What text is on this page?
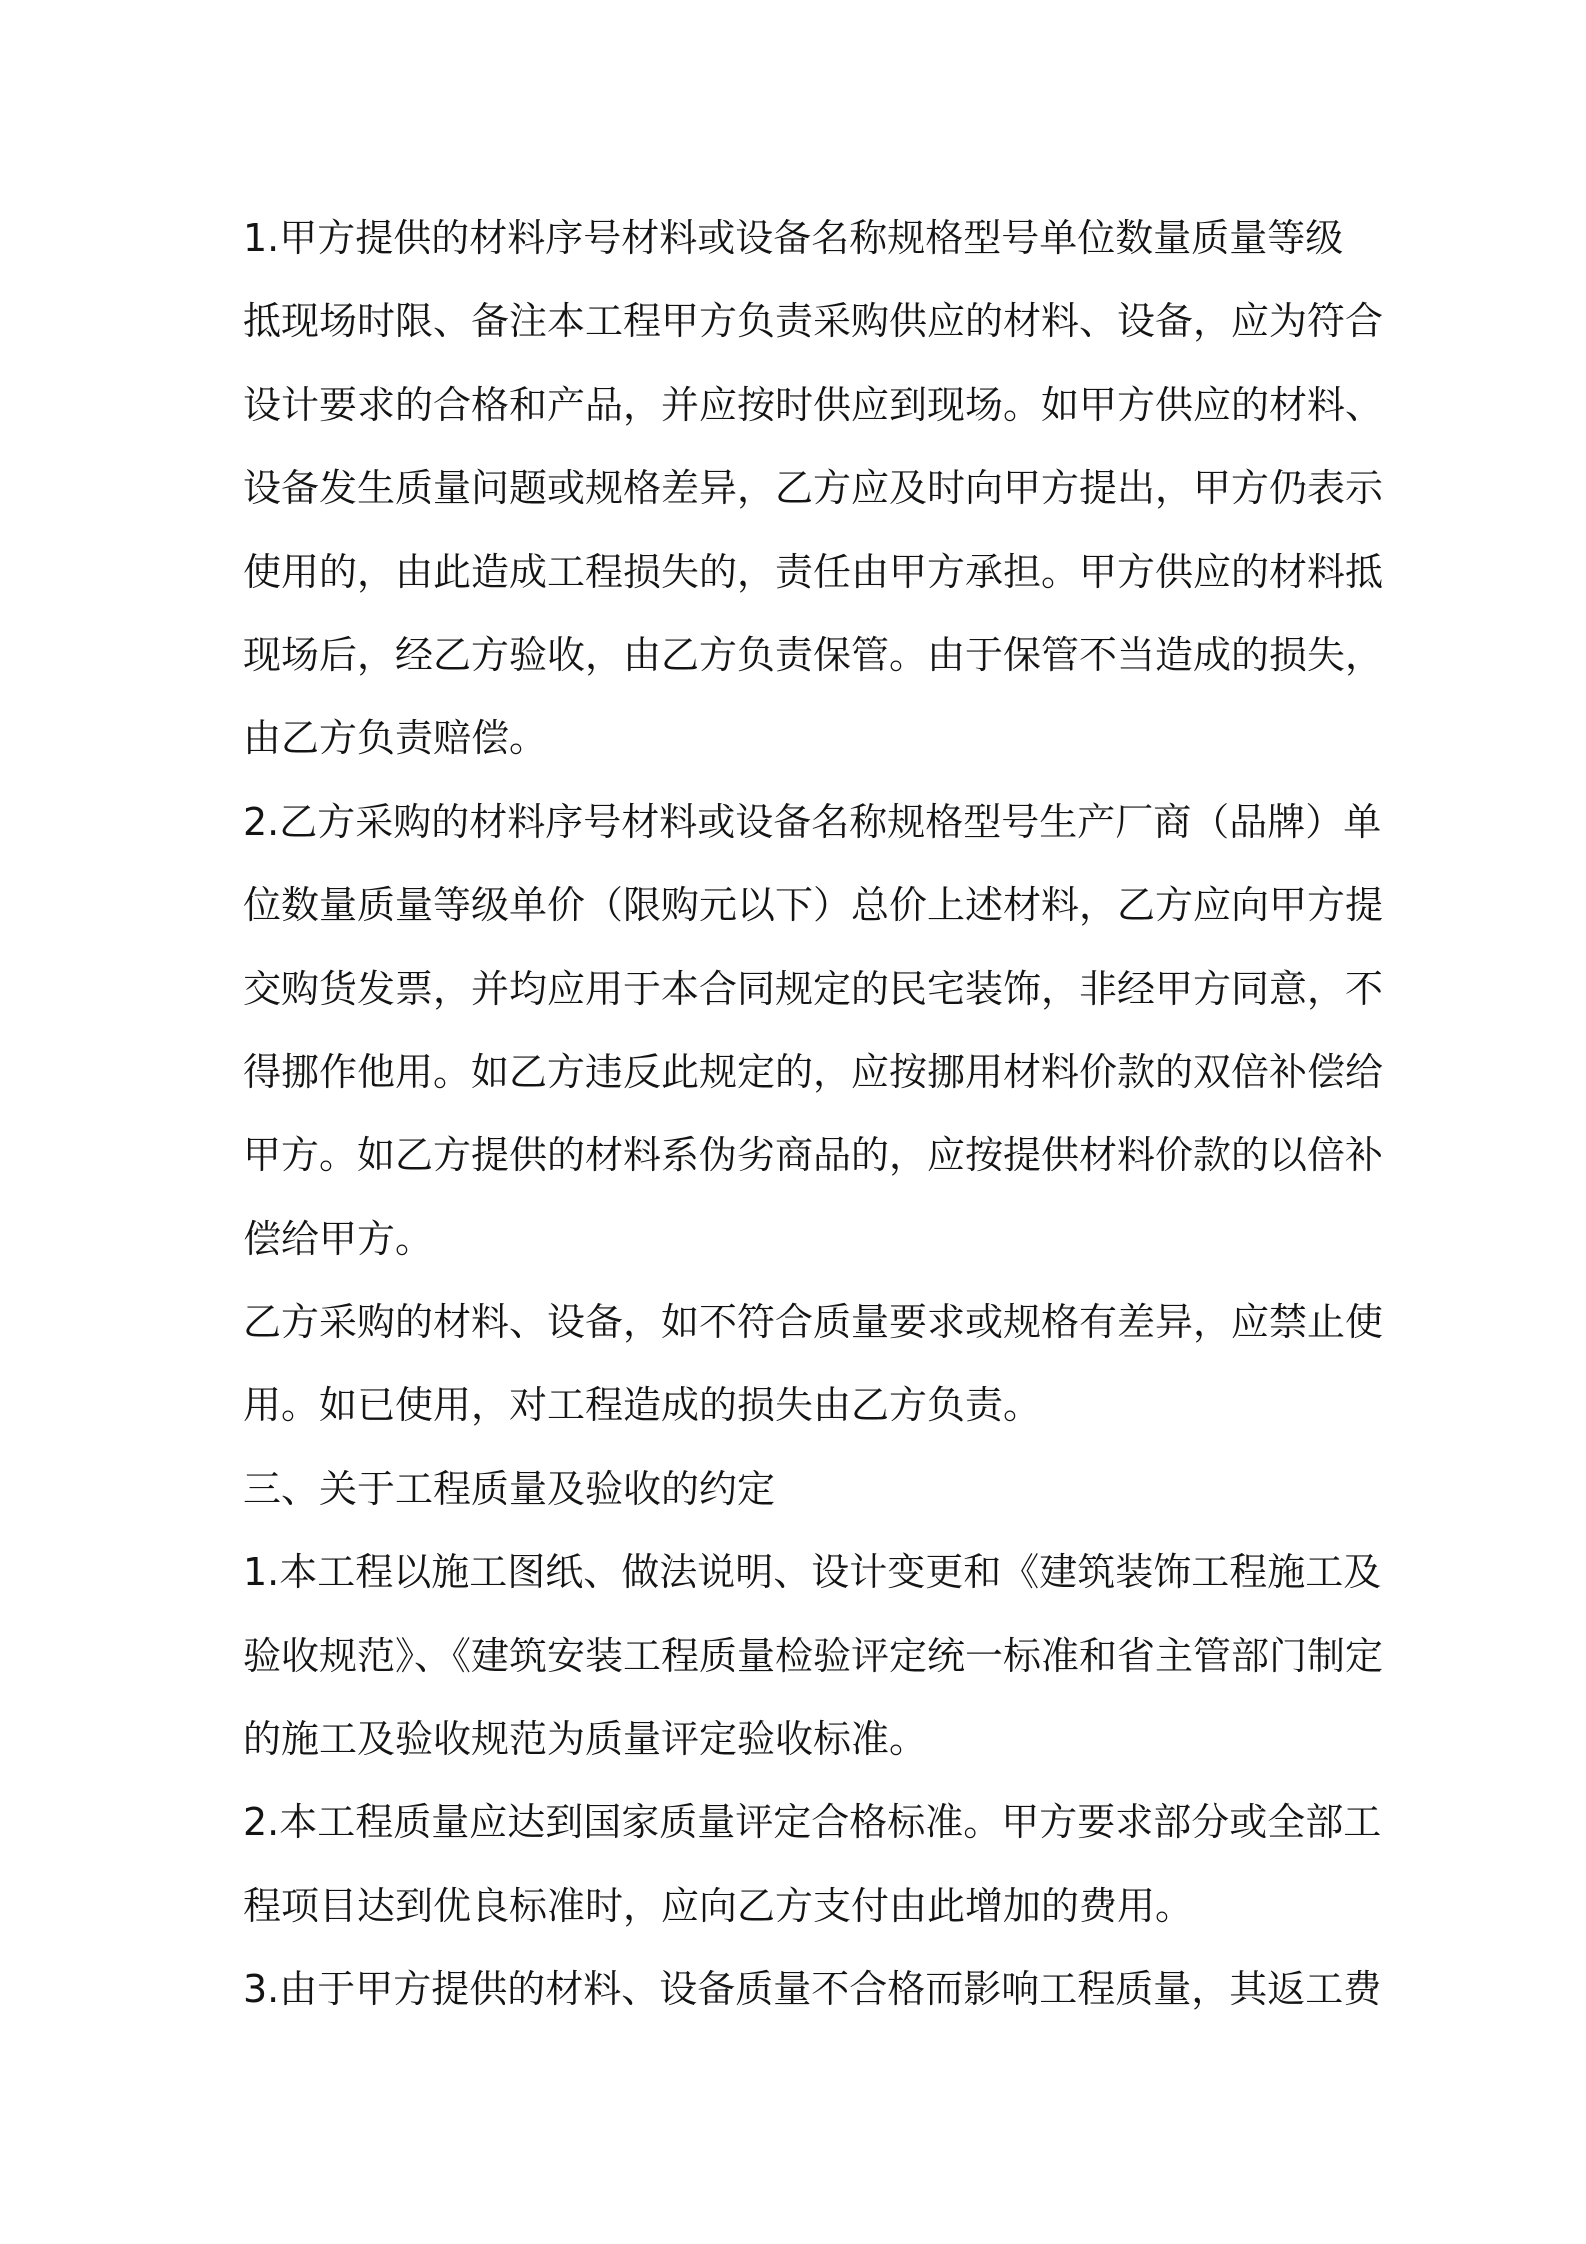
1.甲方提供的材料序号材料或设备名称规格型号单位数量质量等级
抵现场时限、备注本工程甲方负责采购供应的材料、设备，应为符合
设计要求的合格和产品，并应按时供应到现场。如甲方供应的材料、
设备发生质量问题或规格差异，乙方应及时向甲方提出，甲方仍表示
使用的，由此造成工程损失的，责任由甲方承担。甲方供应的材料抵
现场后，经乙方验收，由乙方负责保管。由于保管不当造成的损失，
由乙方负责赔偿。
2.乙方采购的材料序号材料或设备名称规格型号生产厂商（品牌）单
位数量质量等级单价（限购元以下）总价上述材料，乙方应向甲方提
交购货发票，并均应用于本合同规定的民宅装饰，非经甲方同意，不
得挪作他用。如乙方违反此规定的，应按挪用材料价款的双倍补偿给
甲方。如乙方提供的材料系伪劣商品的，应按提供材料价款的以倍补
偿给甲方。
乙方采购的材料、设备，如不符合质量要求或规格有差异，应禁止使
用。如已使用，对工程造成的损失由乙方负责。
三、关于工程质量及验收的约定
1.本工程以施工图纸、做法说明、设计变更和《建筑装饰工程施工及
验收规范》、《建筑安装工程质量检验评定统一标准和省主管部门制定
的施工及验收规范为质量评定验收标准。
2.本工程质量应达到国家质量评定合格标准。甲方要求部分或全部工
程项目达到优良标准时，应向乙方支付由此增加的费用。
3.由于甲方提供的材料、设备质量不合格而影响工程质量，其返工费
